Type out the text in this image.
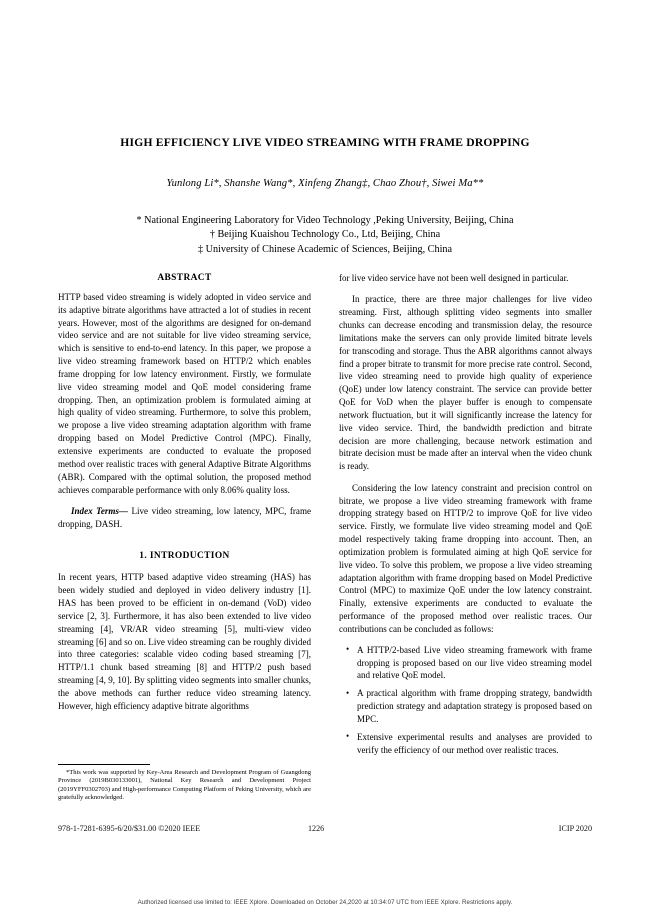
HIGH EFFICIENCY LIVE VIDEO STREAMING WITH FRAME DROPPING

Yunlong Li*, Shanshe Wang*, Xinfeng Zhang‡, Chao Zhou†, Siwei Ma**

* National Engineering Laboratory for Video Technology ,Peking University, Beijing, China
† Beijing Kuaishou Technology Co., Ltd, Beijing, China
‡ University of Chinese Academic of Sciences, Beijing, China
ABSTRACT

HTTP based video streaming is widely adopted in video service and its adaptive bitrate algorithms have attracted a lot of studies in recent years. However, most of the algorithms are designed for on-demand video service and are not suitable for live video streaming service, which is sensitive to end-to-end latency. In this paper, we propose a live video streaming framework based on HTTP/2 which enables frame dropping for low latency environment. Firstly, we formulate live video streaming model and QoE model considering frame dropping. Then, an optimization problem is formulated aiming at high quality of video streaming. Furthermore, to solve this problem, we propose a live video streaming adaptation algorithm with frame dropping based on Model Predictive Control (MPC). Finally, extensive experiments are conducted to evaluate the proposed method over realistic traces with general Adaptive Bitrate Algorithms (ABR). Compared with the optimal solution, the proposed method achieves comparable performance with only 8.06% quality loss.

Index Terms— Live video streaming, low latency, MPC, frame dropping, DASH.

1. INTRODUCTION

In recent years, HTTP based adaptive video streaming (HAS) has been widely studied and deployed in video delivery industry [1]. HAS has been proved to be efficient in on-demand (VoD) video service [2, 3]. Furthermore, it has also been extended to live video streaming [4], VR/AR video streaming [5], multi-view video streaming [6] and so on. Live video streaming can be roughly divided into three categories: scalable video coding based streaming [7], HTTP/1.1 chunk based streaming [8] and HTTP/2 push based streaming [4, 9, 10]. By splitting video segments into smaller chunks, the above methods can further reduce video streaming latency. However, high efficiency adaptive bitrate algorithms

for live video service have not been well designed in particular.

In practice, there are three major challenges for live video streaming. First, although splitting video segments into smaller chunks can decrease encoding and transmission delay, the resource limitations make the servers can only provide limited bitrate levels for transcoding and storage. Thus the ABR algorithms cannot always find a proper bitrate to transmit for more precise rate control. Second, live video streaming need to provide high quality of experience (QoE) under low latency constraint. The service can provide better QoE for VoD when the player buffer is enough to compensate network fluctuation, but it will significantly increase the latency for live video service. Third, the bandwidth prediction and bitrate decision are more challenging, because network estimation and bitrate decision must be made after an interval when the video chunk is ready.

Considering the low latency constraint and precision control on bitrate, we propose a live video streaming framework with frame dropping strategy based on HTTP/2 to improve QoE for live video service. Firstly, we formulate live video streaming model and QoE model respectively taking frame dropping into account. Then, an optimization problem is formulated aiming at high QoE service for live video. To solve this problem, we propose a live video streaming adaptation algorithm with frame dropping based on Model Predictive Control (MPC) to maximize QoE under the low latency constraint. Finally, extensive experiments are conducted to evaluate the performance of the proposed method over realistic traces. Our contributions can be concluded as follows:

• A HTTP/2-based Live video streaming framework with frame dropping is proposed based on our live video streaming model and relative QoE model.
• A practical algorithm with frame dropping strategy, bandwidth prediction strategy and adaptation strategy is proposed based on MPC.
• Extensive experimental results and analyses are provided to verify the efficiency of our method over realistic traces.

*This work was supported by Key-Area Research and Development Program of Guangdong Province (2019B030133001), National Key Research and Development Project (2019YFF0302703) and High-performance Computing Platform of Peking University, which are gratefully acknowledged.

978-1-7281-6395-6/20/$31.00 ©2020 IEEE	1226	ICIP 2020
Authorized licensed use limited to: IEEE Xplore. Downloaded on October 24,2020 at 10:34:07 UTC from IEEE Xplore. Restrictions apply.
